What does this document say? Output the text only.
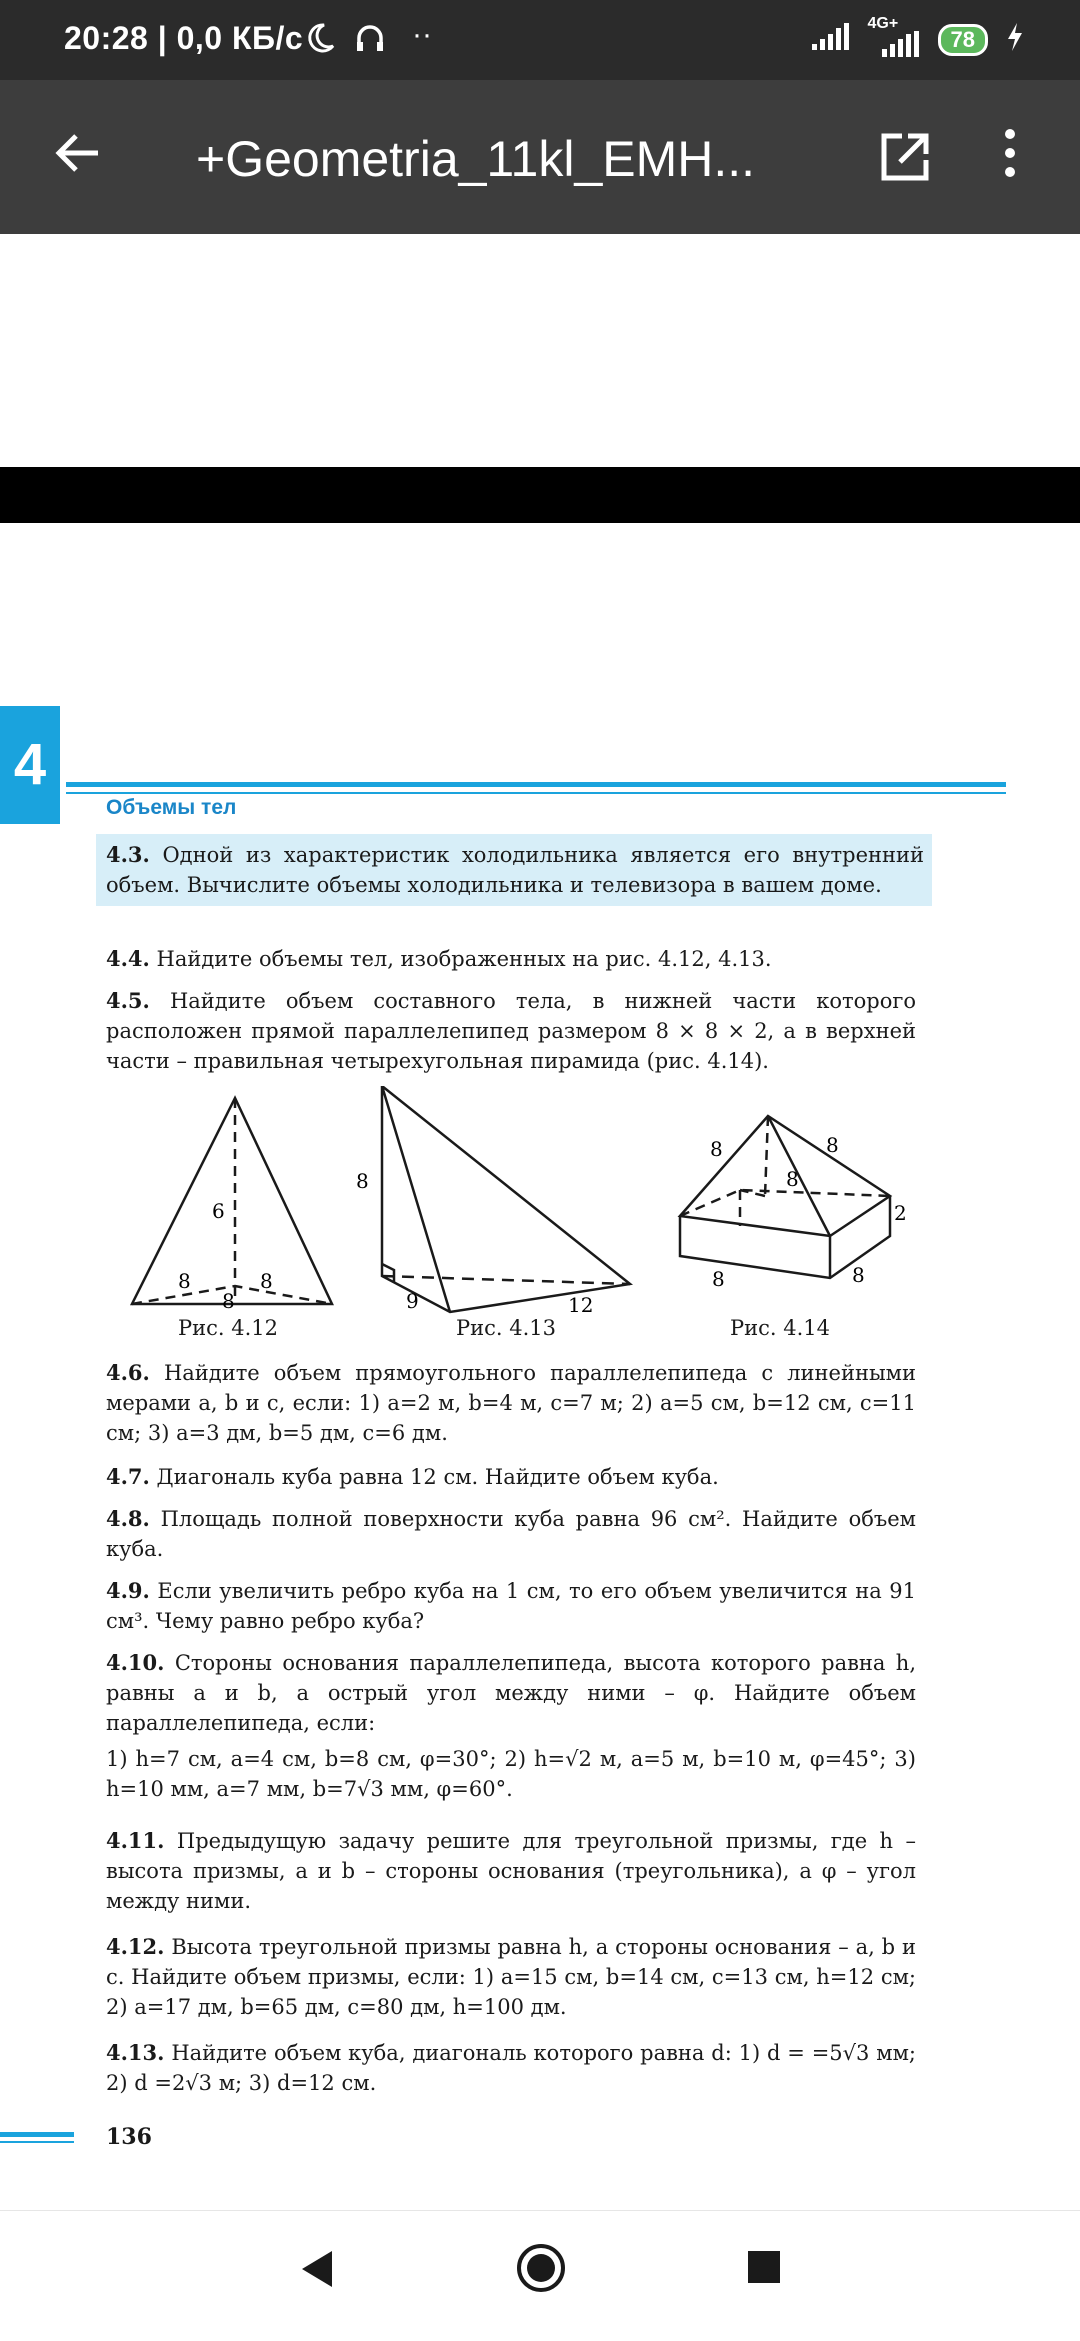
20:28 | 0,0 КБ/с	··	4G+
78
+Geometria_11kl_EMH...
4
Объемы тел
4.3. Одной из характеристик холодильника является его внутренний объем. Вычислите объемы холодильника и телевизора в вашем доме.
4.4. Найдите объемы тел, изображенных на рис. 4.12, 4.13.
4.5. Найдите объем составного тела, в нижней части которого расположен прямой параллелепипед размером 8 × 8 × 2, а в верхней части – правильная четырехугольная пирамида (рис. 4.14).
6
8	8
8
8
9	12
8	8
8
2
8	8
Рис. 4.12	Рис. 4.13	Рис. 4.14
4.6. Найдите объем прямоугольного параллелепипеда с линейными мерами a, b и c, если: 1) a=2 м, b=4 м, c=7 м; 2) a=5 см, b=12 см, c=11 см; 3) a=3 дм, b=5 дм, c=6 дм.
4.7. Диагональ куба равна 12 см. Найдите объем куба.
4.8. Площадь полной поверхности куба равна 96 см². Найдите объем куба.
4.9. Если увеличить ребро куба на 1 см, то его объем увеличится на 91 см³. Чему равно ребро куба?
4.10. Стороны основания параллелепипеда, высота которого равна h, равны a и b, а острый угол между ними – φ. Найдите объем параллелепипеда, если:
1) h=7 см, a=4 см, b=8 см, φ=30°; 2) h=√2 м, a=5 м, b=10 м, φ=45°; 3) h=10 мм, a=7 мм, b=7√3 мм, φ=60°.
4.11. Предыдущую задачу решите для треугольной призмы, где h – высота призмы, a и b – стороны основания (треугольника), а φ – угол между ними.
4.12. Высота треугольной призмы равна h, а стороны основания – a, b и c. Найдите объем призмы, если: 1) a=15 см, b=14 см, c=13 см, h=12 см; 2) a=17 дм, b=65 дм, c=80 дм, h=100 дм.
4.13. Найдите объем куба, диагональ которого равна d: 1) d = =5√3 мм; 2) d =2√3 м; 3) d=12 см.
136
